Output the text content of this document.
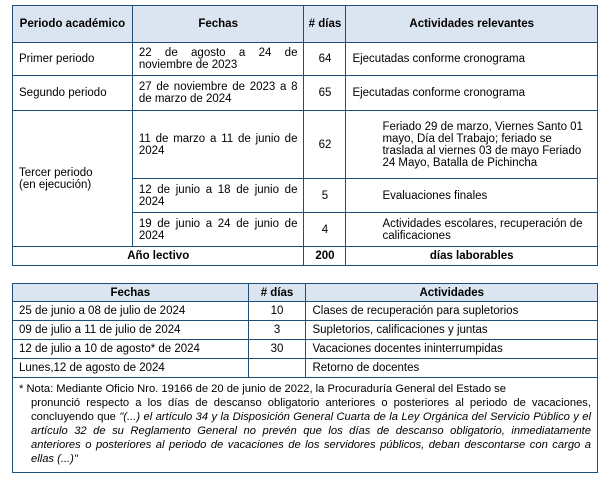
Periodo académico	Fechas	# días	Actividades relevantes
Primer periodo	22 de agosto a 24 de noviembre de 2023	64	Ejecutadas conforme cronograma
Segundo periodo	27 de noviembre de 2023 a 8 de marzo de 2024	65	Ejecutadas conforme cronograma

Tercer periodo
(en ejecución)	11 de marzo a 11 de junio de 2024	62	Feriado 29 de marzo, Viernes Santo 01 mayo, Día del Trabajo; feriado se traslada al viernes 03 de mayo Feriado 24 Mayo, Batalla de Pichincha
	12 de junio a 18 de junio de 2024	5	Evaluaciones finales
	19 de junio a 24 de junio de 2024	4	Actividades escolares, recuperación de calificaciones
Año lectivo		200	días laborables
Fechas	# días	Actividades
25 de junio a 08 de julio de 2024	10	Clases de recuperación para supletorios
09 de julio a 11 de julio de 2024	3	Supletorios, calificaciones y juntas
12 de julio a 10 de agosto* de 2024	30	Vacaciones docentes ininterrumpidas
Lunes,12 de agosto de 2024		Retorno de docentes
* Nota: Mediante Oficio Nro. 19166 de 20 de junio de 2022, la Procuraduría General del Estado se
pronunció respecto a los días de descanso obligatorio anteriores o posteriores al periodo de vacaciones, concluyendo que "(...) el artículo 34 y la Disposición General Cuarta de la Ley Orgánica del Servicio Público y el artículo 32 de su Reglamento General no prevén que los días de descanso obligatorio, inmediatamente anteriores o posteriores al periodo de vacaciones de los servidores públicos, deban descontarse con cargo a ellas (...)"		
